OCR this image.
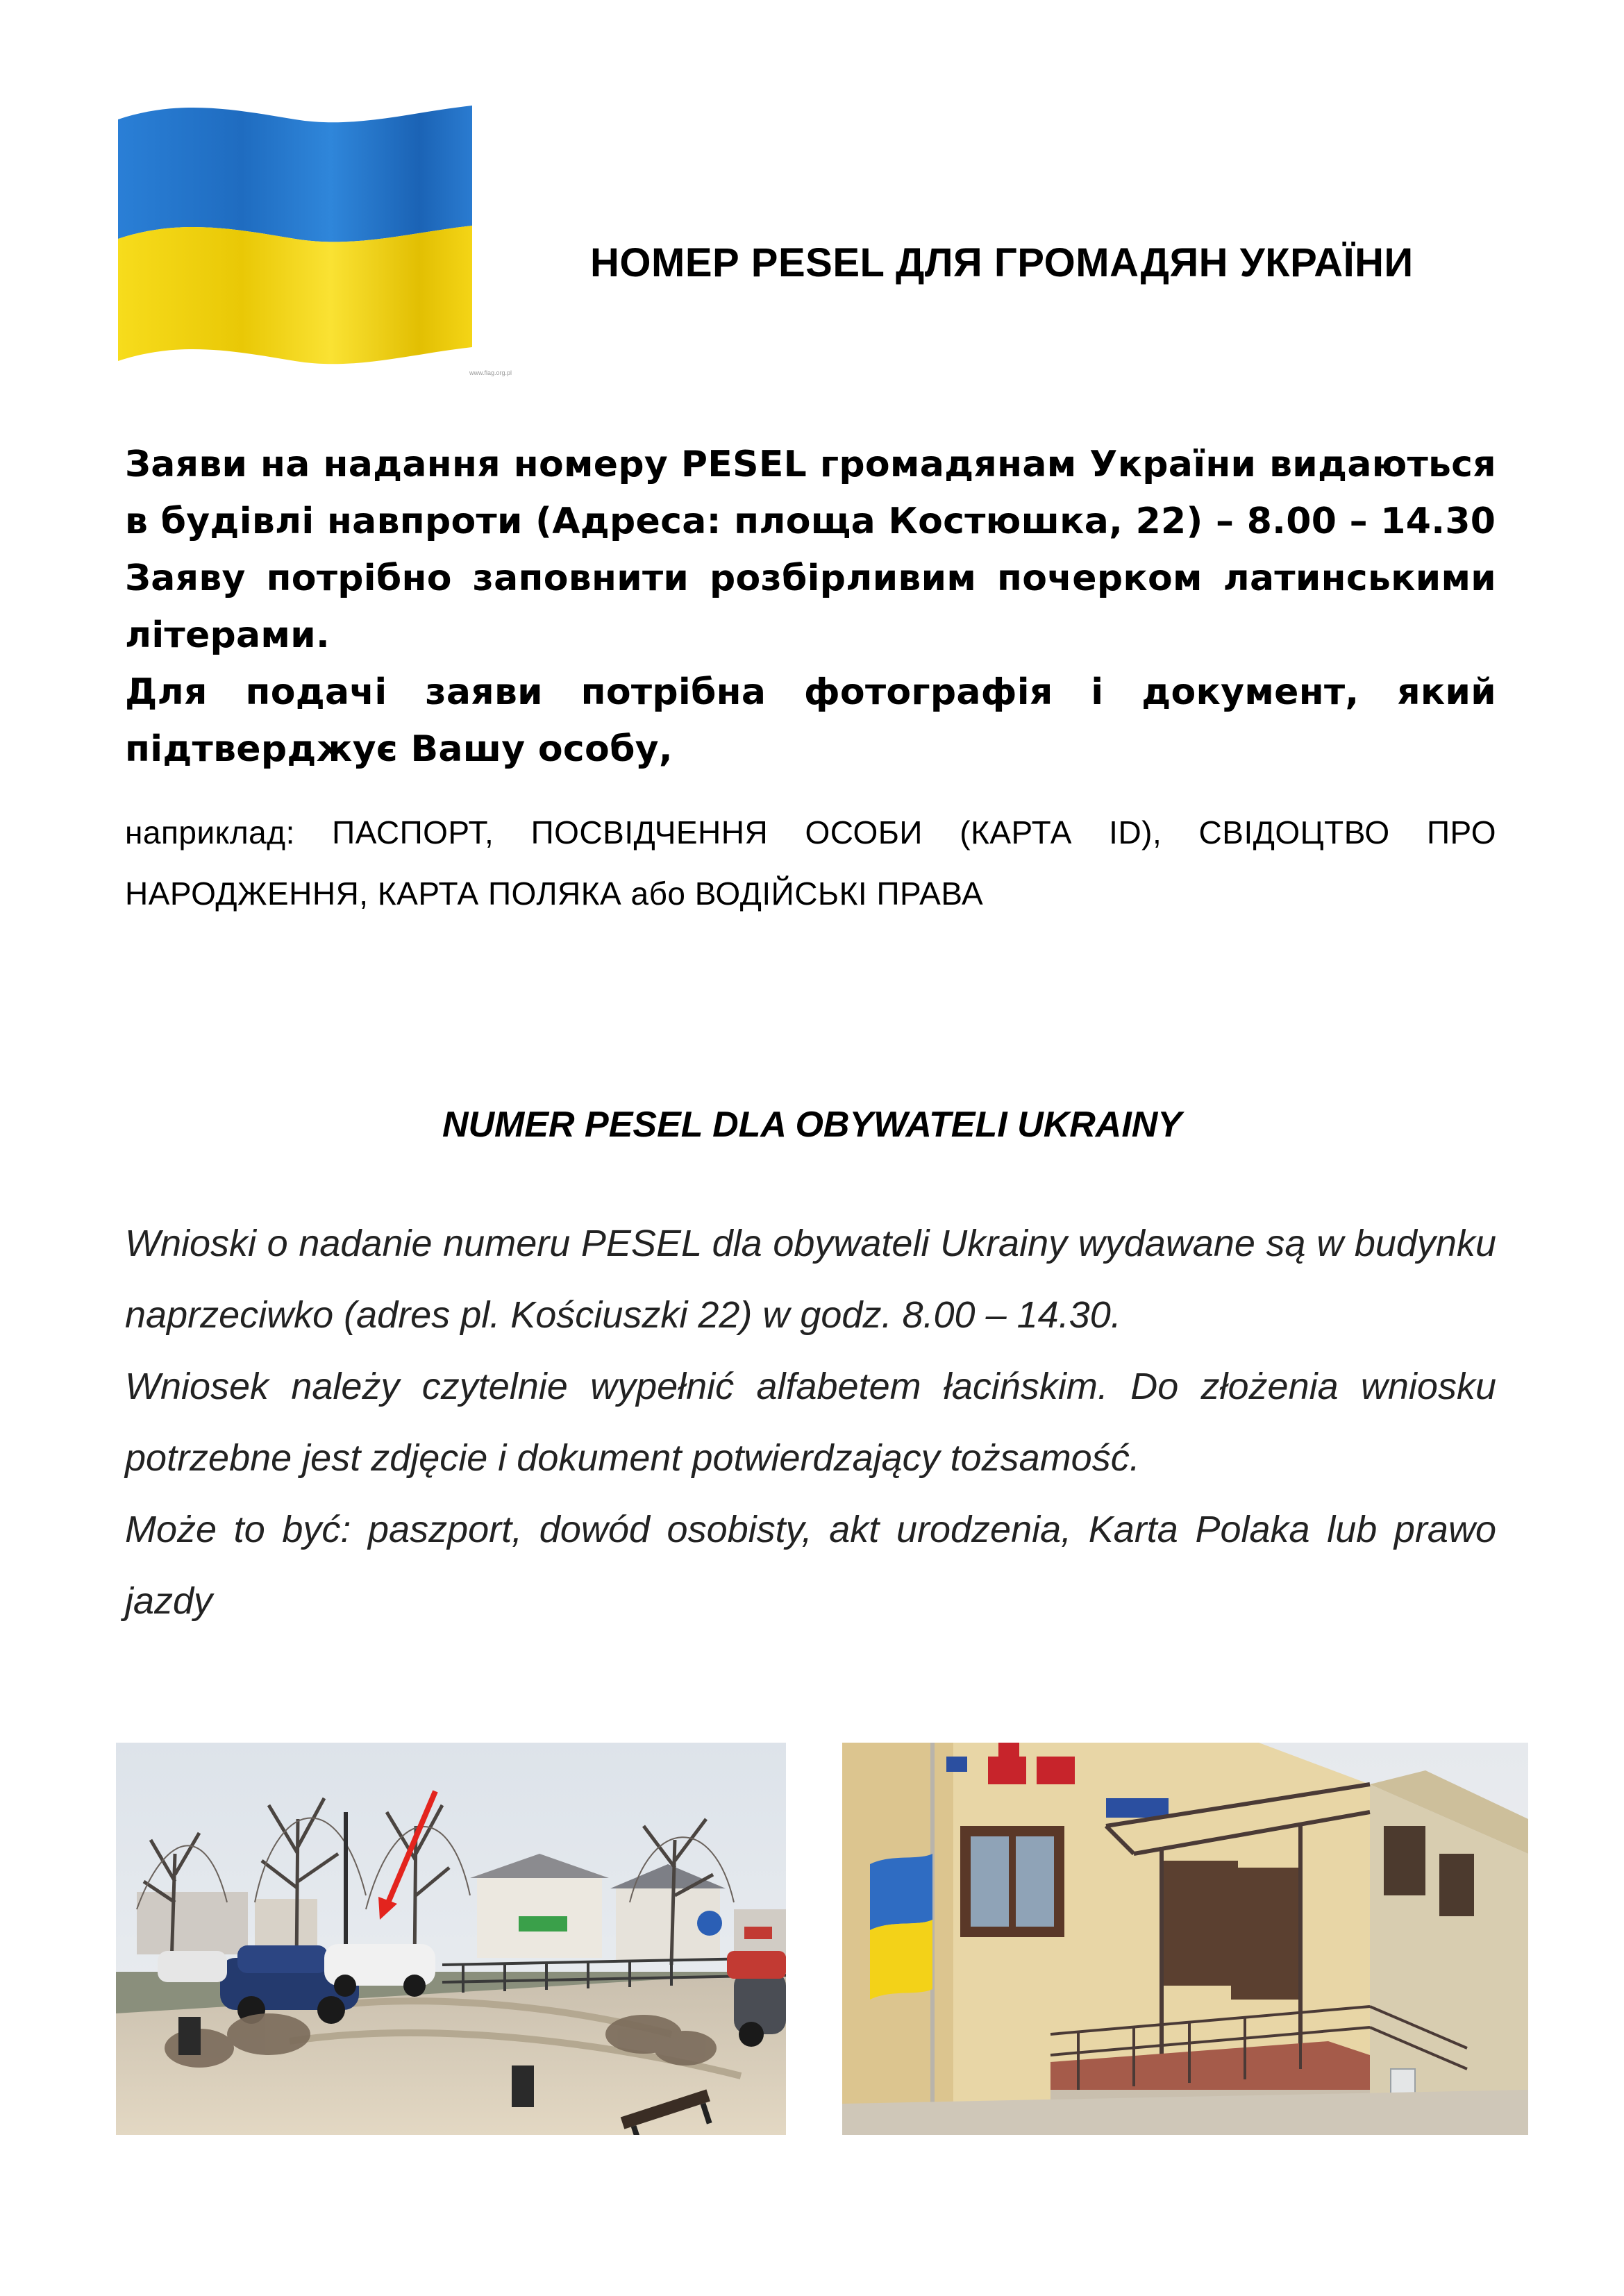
www.flag.org.pl
НОМЕР PESEL ДЛЯ ГРОМАДЯН УКРАЇНИ

Заяви на надання номеру PESEL громадянам України видаються в будівлі навпроти (Адреса: площа Костюшка, 22) – 8.00 – 14.30

Заяву потрібно заповнити розбірливим почерком латинськими літерами.

Для подачі заяви потрібна фотографія і документ, який підтверджує Вашу особу,

наприклад: ПАСПОРТ, ПОСВІДЧЕННЯ ОСОБИ (КАРТА ID), СВІДОЦТВО ПРО НАРОДЖЕННЯ, КАРТА ПОЛЯКА або ВОДІЙСЬКІ ПРАВА
NUMER PESEL DLA OBYWATELI UKRAINY

Wnioski o nadanie numeru PESEL dla obywateli Ukrainy wydawane są w budynku naprzeciwko (adres pl. Kościuszki 22) w godz. 8.00 – 14.30.

Wniosek należy czytelnie wypełnić alfabetem łacińskim. Do złożenia wniosku potrzebne jest zdjęcie i dokument potwierdzający tożsamość.

Może to być: paszport, dowód osobisty, akt urodzenia, Karta Polaka lub prawo jazdy
